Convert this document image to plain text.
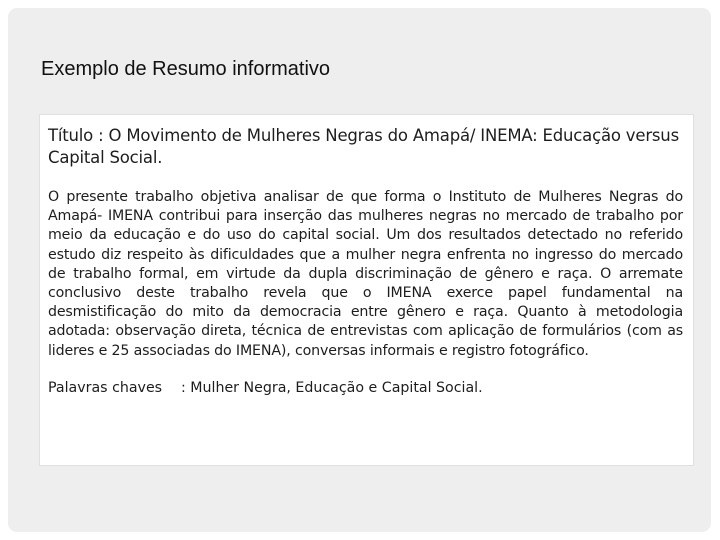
Exemplo de Resumo informativo
Título : O Movimento de Mulheres Negras do Amapá/ INEMA: Educação versus Capital Social.
O presente trabalho objetiva analisar de que forma o Instituto de Mulheres Negras do Amapá- IMENA contribui para inserção das mulheres negras no mercado de trabalho por meio da educação e do uso do capital social. Um dos resultados detectado no referido estudo diz respeito às dificuldades que a mulher negra enfrenta no ingresso do mercado de trabalho formal, em virtude da dupla discriminação de gênero e raça. O arremate conclusivo deste trabalho revela que o IMENA exerce papel fundamental na desmistificação do mito da democracia entre gênero e raça. Quanto à metodologia adotada: observação direta, técnica de entrevistas com aplicação de formulários (com as lideres e 25 associadas do IMENA), conversas informais e registro fotográfico.
Palavras chaves : Mulher Negra, Educação e Capital Social.
